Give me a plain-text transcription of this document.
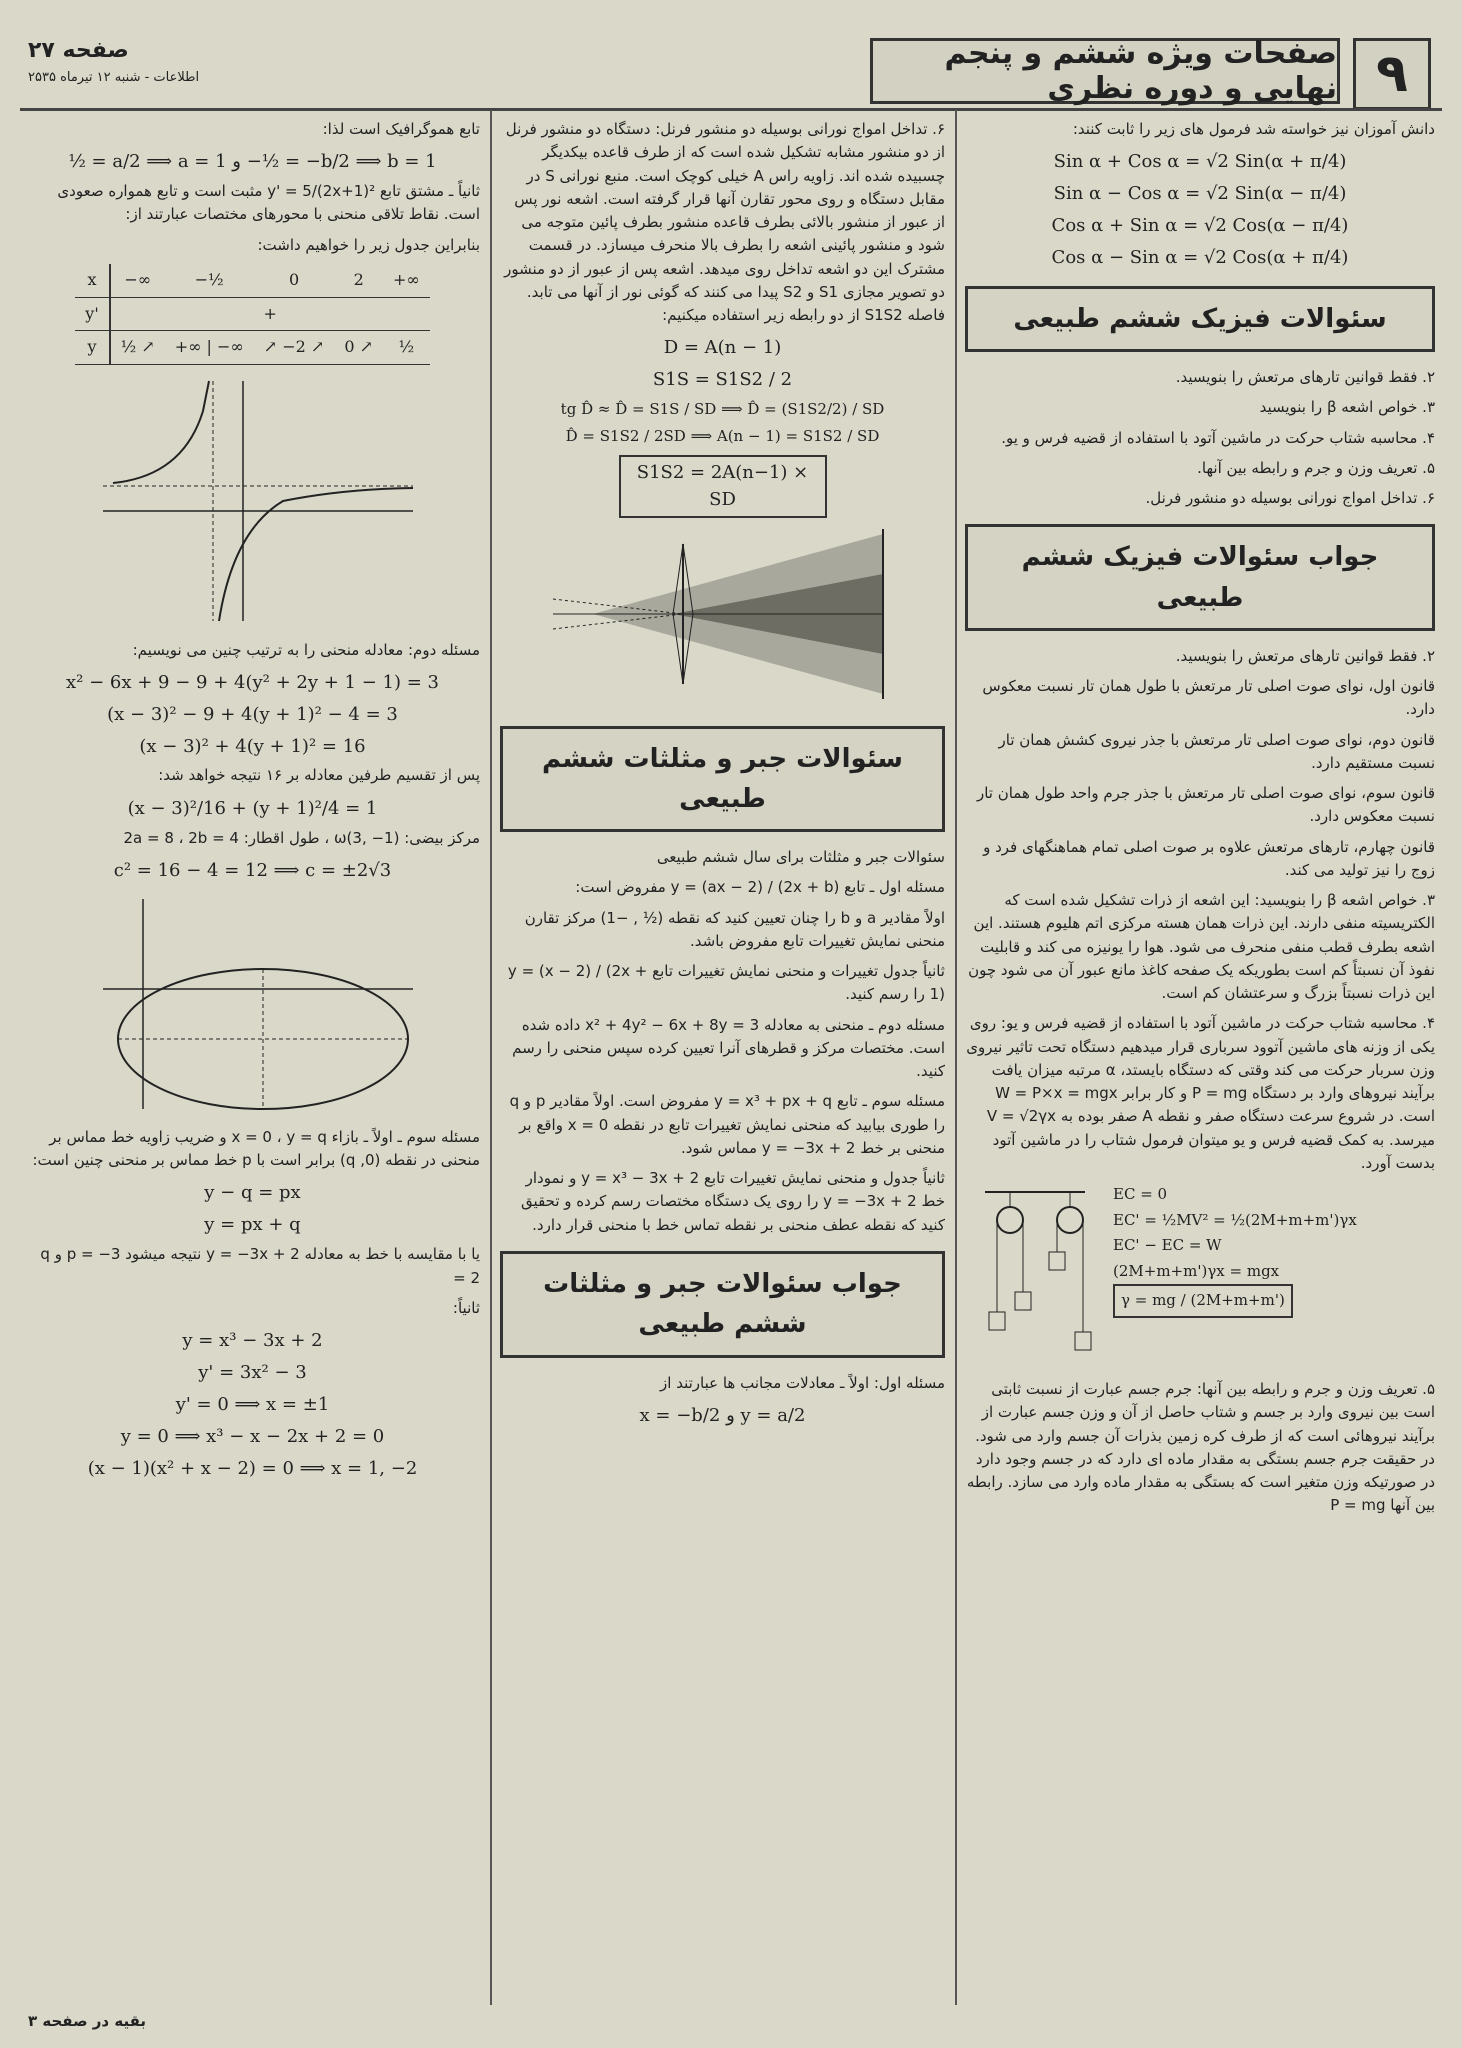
صفحه ۲۷
اطلاعات - شنبه ۱۲ تیرماه ۲۵۳۵
صفحات ویژه ششم و پنجم نهایی و دوره نظری ۹

دانش آموزان نیز خواسته شد فرمول های زیر را ثابت کنند:

Sin α + Cos α = √2 Sin(α + π/4)
Sin α − Cos α = √2 Sin(α − π/4)
Cos α + Sin α = √2 Cos(α − π/4)
Cos α − Sin α = √2 Cos(α + π/4)
سئوالات فیزیک ششم طبیعی

۲. فقط قوانین تارهای مرتعش را بنویسید.

۳. خواص اشعه β را بنویسید

۴. محاسبه شتاب حرکت در ماشین آتود با استفاده از قضیه فرس و یو.

۵. تعریف وزن و جرم و رابطه بین آنها.

۶. تداخل امواج نورانی بوسیله دو منشور فرنل.

جواب سئوالات فیزیک ششم طبیعی

۲. فقط قوانین تارهای مرتعش را بنویسید.

قانون اول، نوای صوت اصلی تار مرتعش با طول همان تار نسبت معکوس دارد.

قانون دوم، نوای صوت اصلی تار مرتعش با جذر نیروی کشش همان تار نسبت مستقیم دارد.

قانون سوم، نوای صوت اصلی تار مرتعش با جذر جرم واحد طول همان تار نسبت معکوس دارد.

قانون چهارم، تارهای مرتعش علاوه بر صوت اصلی تمام هماهنگهای فرد و زوج را نیز تولید می کند.

۳. خواص اشعه β را بنویسید: این اشعه از ذرات تشکیل شده است که الکتریسیته منفی دارند. این ذرات همان هسته مرکزی اتم هلیوم هستند. این اشعه بطرف قطب منفی منحرف می شود. هوا را یونیزه می کند و قابلیت نفوذ آن نسبتاً کم است بطوریکه یک صفحه کاغذ مانع عبور آن می شود چون این ذرات نسبتاً بزرگ و سرعتشان کم است.

۴. محاسبه شتاب حرکت در ماشین آتود با استفاده از قضیه فرس و یو: روی یکی از وزنه های ماشین آتوود سرباری قرار میدهیم دستگاه تحت تاثیر نیروی وزن سربار حرکت می کند وقتی که دستگاه بایستد، α مرتبه میزان یافت برآیند نیروهای وارد بر دستگاه P = mg و کار برابر W = P×x = mgx است. در شروع سرعت دستگاه صفر و نقطه A صفر بوده به V = √2γx میرسد. به کمک قضیه فرس و یو میتوان فرمول شتاب را در ماشین آتود بدست آورد.

EC = 0
EC' = ½MV² = ½(2M+m+m')γx
EC' − EC = W
(2M+m+m')γx = mgx
γ = mg / (2M+m+m')

۵. تعریف وزن و جرم و رابطه بین آنها: جرم جسم عبارت از نسبت ثابتی است بین نیروی وارد بر جسم و شتاب حاصل از آن و وزن جسم عبارت از برآیند نیروهائی است که از طرف کره زمین بذرات آن جسم وارد می شود. در حقیقت جرم جسم بستگی به مقدار ماده ای دارد که در جسم وجود دارد در صورتیکه وزن متغیر است که بستگی به مقدار ماده وارد می سازد. رابطه بین آنها P = mg

۶. تداخل امواج نورانی بوسیله دو منشور فرنل: دستگاه دو منشور فرنل از دو منشور مشابه تشکیل شده است که از طرف قاعده بیکدیگر چسبیده شده اند. زاویه راس A خیلی کوچک است. منبع نورانی S در مقابل دستگاه و روی محور تقارن آنها قرار گرفته است. اشعه نور پس از عبور از منشور بالائی بطرف قاعده منشور بطرف پائین متوجه می شود و منشور پائینی اشعه را بطرف بالا منحرف میسازد. در قسمت مشترک این دو اشعه تداخل روی میدهد. اشعه پس از عبور از دو منشور دو تصویر مجازی S1 و S2 پیدا می کنند که گوئی نور از آنها می تابد. فاصله S1S2 از دو رابطه زیر استفاده میکنیم:

D = A(n − 1)
S1S = S1S2 / 2
tg D̂ ≈ D̂ = S1S / SD ⟹ D̂ = (S1S2/2) / SD
D̂ = S1S2 / 2SD ⟹ A(n − 1) = S1S2 / SD
S1S2 = 2A(n−1) × SD
سئوالات جبر و مثلثات ششم طبیعی

سئوالات جبر و مثلثات برای سال ششم طبیعی

مسئله اول ـ تابع y = (ax − 2) / (2x + b) مفروض است:

اولاً مقادیر a و b را چنان تعیین کنید که نقطه (½ , −1) مرکز تقارن منحنی نمایش تغییرات تابع مفروض باشد.

ثانیاً جدول تغییرات و منحنی نمایش تغییرات تابع y = (x − 2) / (2x + 1) را رسم کنید.

مسئله دوم ـ منحنی به معادله x² + 4y² − 6x + 8y = 3 داده شده است. مختصات مرکز و قطرهای آنرا تعیین کرده سپس منحنی را رسم کنید.

مسئله سوم ـ تابع y = x³ + px + q مفروض است. اولاً مقادیر p و q را طوری بیابید که منحنی نمایش تغییرات تابع در نقطه x = 0 واقع بر منحنی بر خط y = −3x + 2 مماس شود.

ثانیاً جدول و منحنی نمایش تغییرات تابع y = x³ − 3x + 2 و نمودار خط y = −3x + 2 را روی یک دستگاه مختصات رسم کرده و تحقیق کنید که نقطه عطف منحنی بر نقطه تماس خط با منحنی قرار دارد.

جواب سئوالات جبر و مثلثات ششم طبیعی

مسئله اول: اولاً ـ معادلات مجانب ها عبارتند از

x = −b/2 و y = a/2

تابع هموگرافیک است لذا:

½ = a/2 ⟹ a = 1 و −½ = −b/2 ⟹ b = 1

ثانیاً ـ مشتق تابع y' = 5/(2x+1)² مثبت است و تابع همواره صعودی است. نقاط تلاقی منحنی با محورهای مختصات عبارتند از:

بنابراین جدول زیر را خواهیم داشت:

x	−∞	−½	0	2	+∞
y'	+				
y	½ ↗	+∞ | −∞	↗ −2 ↗	0 ↗	½

مسئله دوم: معادله منحنی را به ترتیب چنین می نویسیم:

x² − 6x + 9 − 9 + 4(y² + 2y + 1 − 1) = 3
(x − 3)² − 9 + 4(y + 1)² − 4 = 3
(x − 3)² + 4(y + 1)² = 16

پس از تقسیم طرفین معادله بر ۱۶ نتیجه خواهد شد:

(x − 3)²/16 + (y + 1)²/4 = 1

مرکز بیضی: ω(3, −1) ، طول اقطار: 2a = 8 ، 2b = 4

c² = 16 − 4 = 12 ⟹ c = ±2√3

مسئله سوم ـ اولاً ـ بازاء x = 0 ، y = q و ضریب زاویه خط مماس بر منحنی در نقطه (0, q) برابر است با p خط مماس بر منحنی چنین است:

y − q = px
y = px + q

یا با مقایسه با خط به معادله y = −3x + 2 نتیجه میشود p = −3 و q = 2

ثانیاً:

y = x³ − 3x + 2
y' = 3x² − 3
y' = 0 ⟹ x = ±1
y = 0 ⟹ x³ − x − 2x + 2 = 0
(x − 1)(x² + x − 2) = 0 ⟹ x = 1, −2
بقیه در صفحه ۳
